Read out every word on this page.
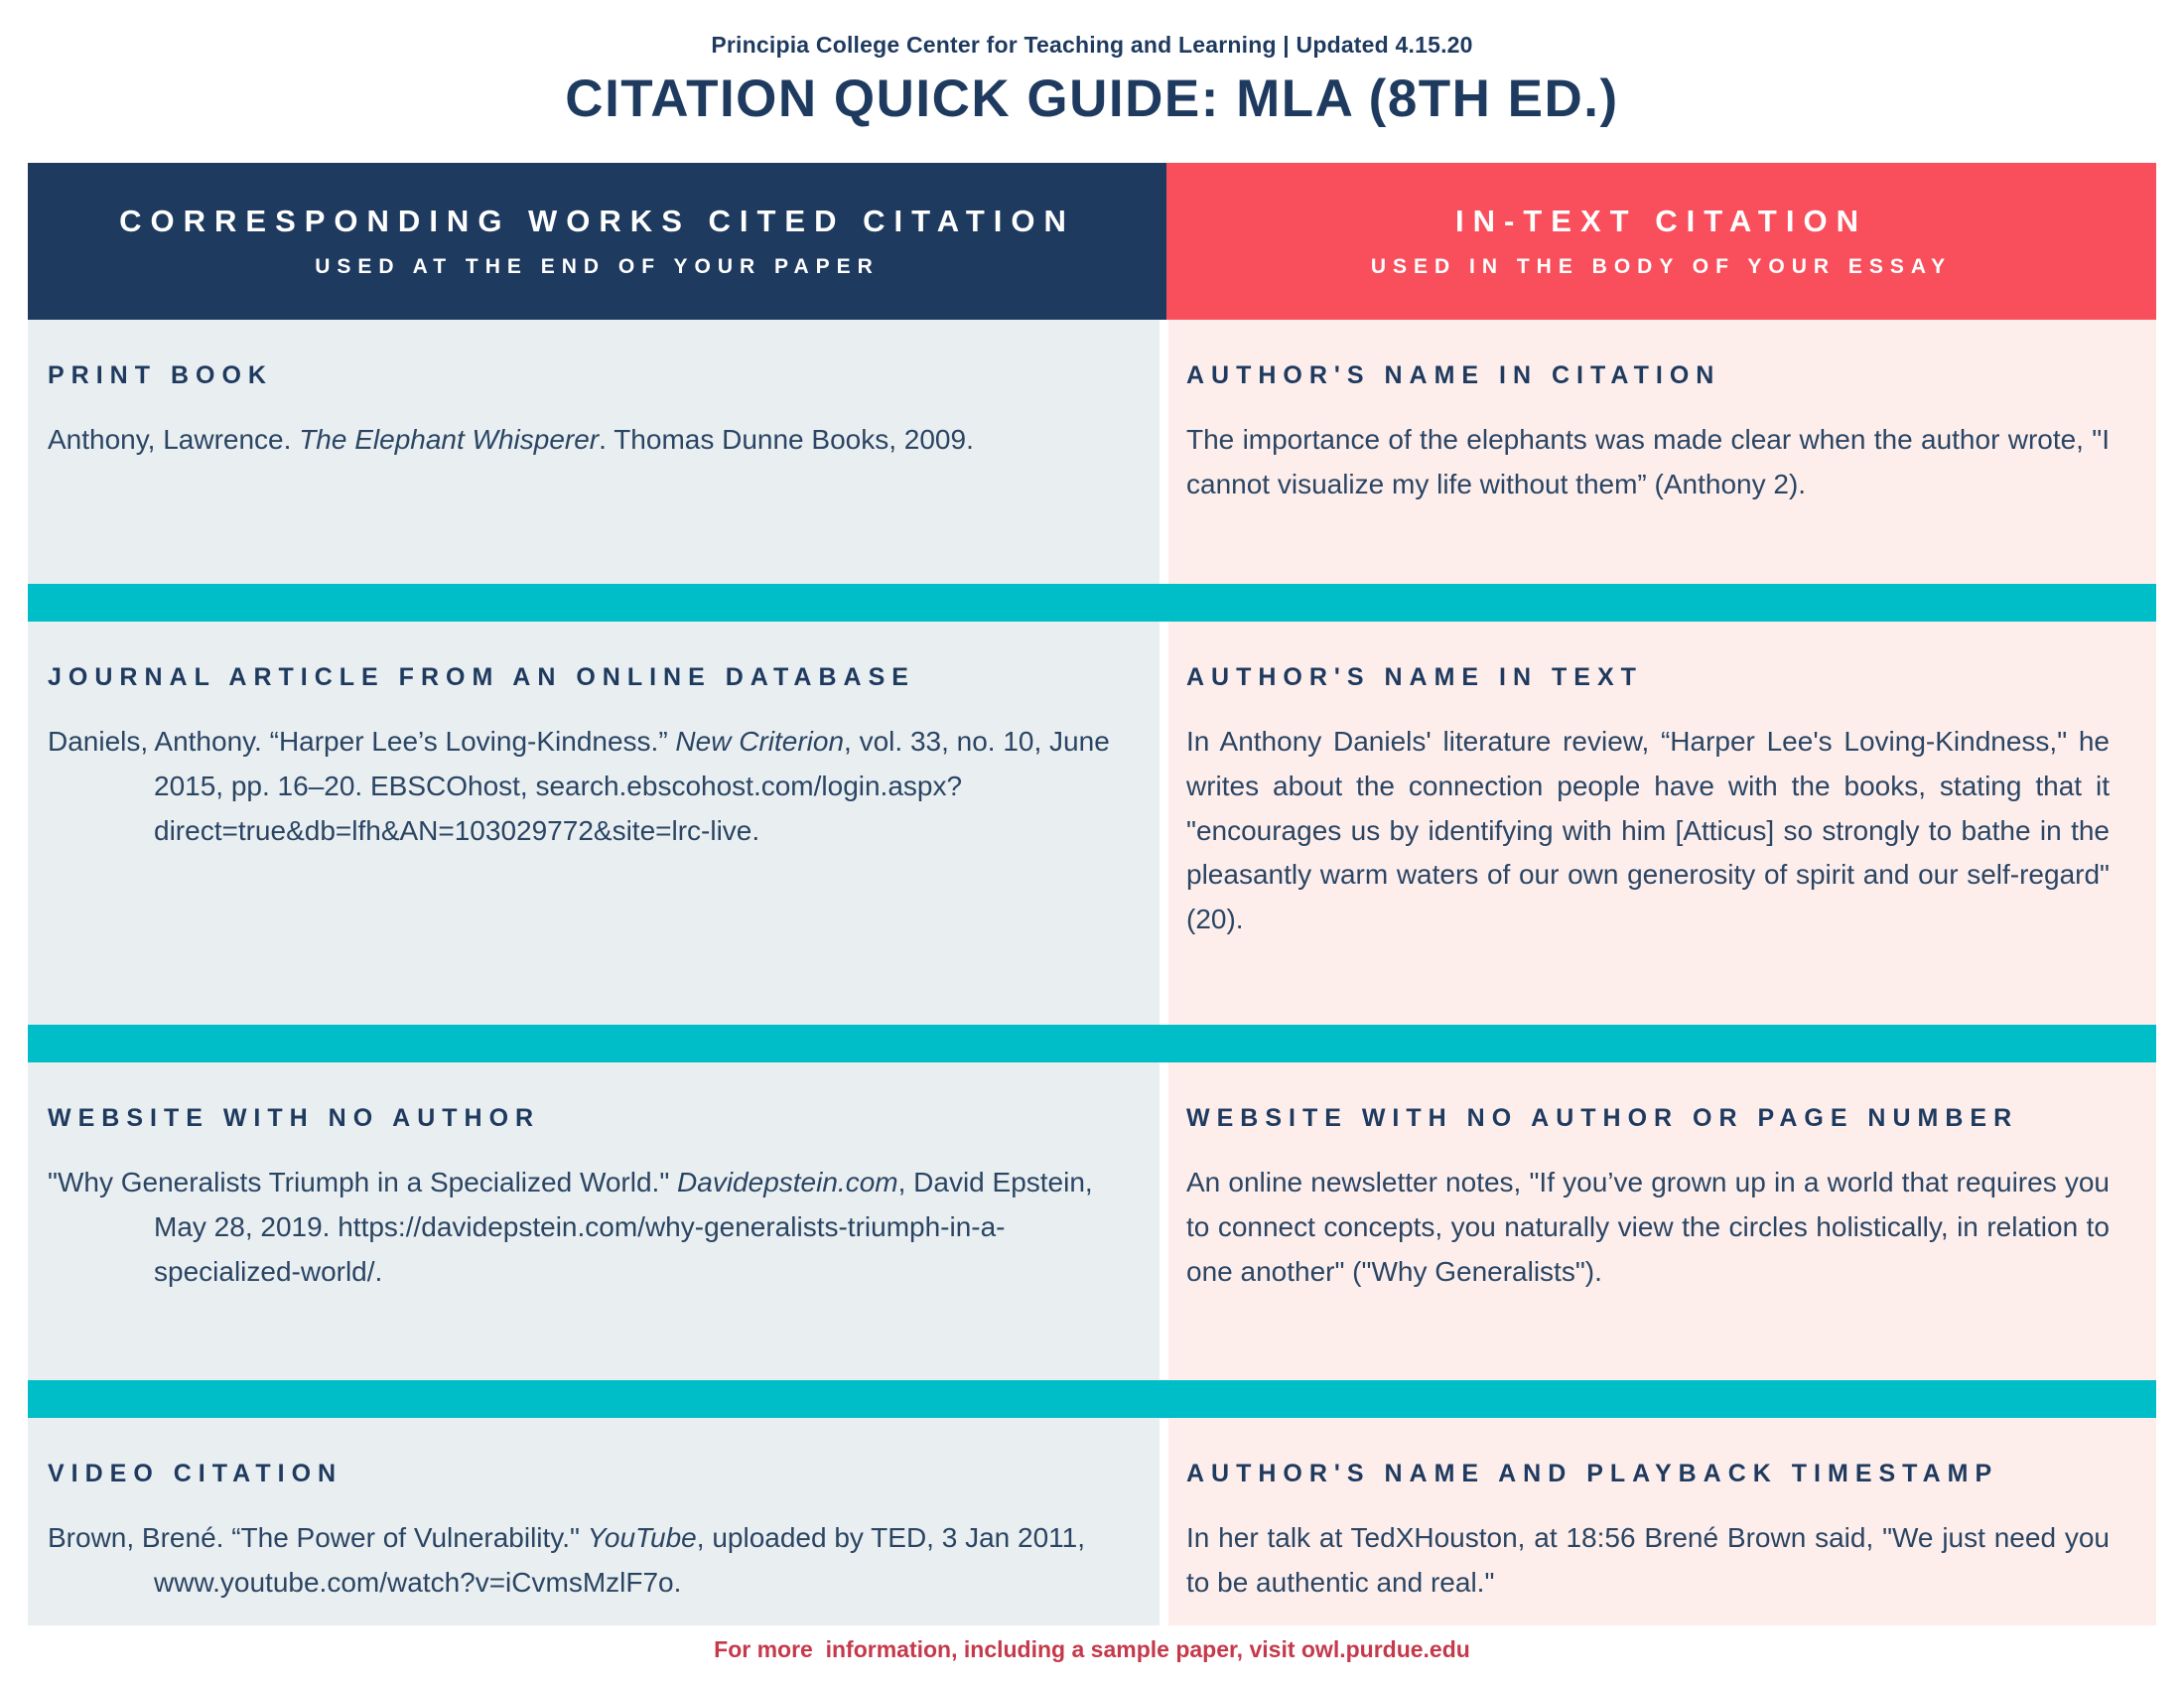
Principia College Center for Teaching and Learning | Updated 4.15.20
CITATION QUICK GUIDE: MLA (8TH ED.)
CORRESPONDING WORKS CITED CITATION
USED AT THE END OF YOUR PAPER
IN-TEXT CITATION
USED IN THE BODY OF YOUR ESSAY
PRINT BOOK

Anthony, Lawrence. The Elephant Whisperer. Thomas Dunne Books, 2009.

AUTHOR'S NAME IN CITATION

The importance of the elephants was made clear when the author wrote, "I cannot visualize my life without them” (Anthony 2).

JOURNAL ARTICLE FROM AN ONLINE DATABASE

Daniels, Anthony. “Harper Lee’s Loving-Kindness.” New Criterion, vol. 33, no. 10, June 2015, pp. 16–20. EBSCOhost, search.ebscohost.com/login.aspx?direct=true&db=lfh&AN=103029772&site=lrc-live.

AUTHOR'S NAME IN TEXT

In Anthony Daniels' literature review, “Harper Lee's Loving-Kindness," he writes about the connection people have with the books, stating that it "encourages us by identifying with him [Atticus] so strongly to bathe in the pleasantly warm waters of our own generosity of spirit and our self-regard" (20).

WEBSITE WITH NO AUTHOR

"Why Generalists Triumph in a Specialized World." Davidepstein.com, David Epstein, May 28, 2019. https://davidepstein.com/why-generalists-triumph-in-a-specialized-world/.

WEBSITE WITH NO AUTHOR OR PAGE NUMBER

An online newsletter notes, "If you’ve grown up in a world that requires you to connect concepts, you naturally view the circles holistically, in relation to one another" ("Why Generalists").

VIDEO CITATION

Brown, Brené. “The Power of Vulnerability." YouTube, uploaded by TED, 3 Jan 2011, www.youtube.com/watch?v=iCvmsMzlF7o.

AUTHOR'S NAME AND PLAYBACK TIMESTAMP

In her talk at TedXHouston, at 18:56 Brené Brown said, "We just need you to be authentic and real."

For more  information, including a sample paper, visit owl.purdue.edu
